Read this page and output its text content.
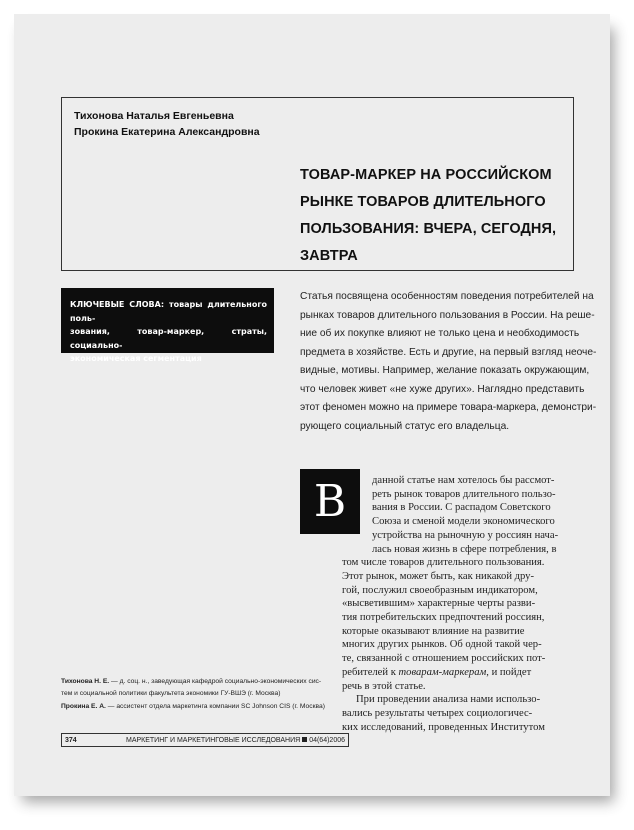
Тихонова Наталья Евгеньевна
Прокина Екатерина Александровна
ТОВАР-МАРКЕР НА РОССИЙСКОМ
РЫНКЕ ТОВАРОВ ДЛИТЕЛЬНОГО
ПОЛЬЗОВАНИЯ: ВЧЕРА, СЕГОДНЯ,
ЗАВТРА
КЛЮЧЕВЫЕ СЛОВА: товары длительного поль-
зования, товар-маркер, страты, социально-
экономическая сегментация
Статья посвящена особенностям поведения потребителей на
рынках товаров длительного пользования в России. На реше-
ние об их покупке влияют не только цена и необходимость
предмета в хозяйстве. Есть и другие, на первый взгляд неоче-
видные, мотивы. Например, желание показать окружающим,
что человек живет «не хуже других». Наглядно представить
этот феномен можно на примере товара-маркера, демонстри-
рующего социальный статус его владельца.
В	данной статье нам хотелось бы рассмот-
реть рынок товаров длительного пользо-
вания в России. С распадом Советского
Союза и сменой модели экономического
устройства на рыночную у россиян нача-
лась новая жизнь в сфере потребления, в
том числе товаров длительного пользования.
Этот рынок, может быть, как никакой дру-
гой, послужил своеобразным индикатором,
«высветившим» характерные черты разви-
тия потребительских предпочтений россиян,
которые оказывают влияние на развитие
многих других рынков. Об одной такой чер-
те, связанной с отношением российских пот-
ребителей к товарам-маркерам, и пойдет
речь в этой статье.
При проведении анализа нами использо-
вались результаты четырех социологичес-
ких исследований, проведенных Институтом
Тихонова Н. Е. — д. соц. н., заведующая кафедрой социально-экономических сис-
тем и социальной политики факультета экономики ГУ-ВШЭ (г. Москва)
Прокина Е. А. — ассистент отдела маркетинга компании SC Johnson CIS (г. Москва)
374	МАРКЕТИНГ И МАРКЕТИНГОВЫЕ ИССЛЕДОВАНИЯ 04(64)2006
